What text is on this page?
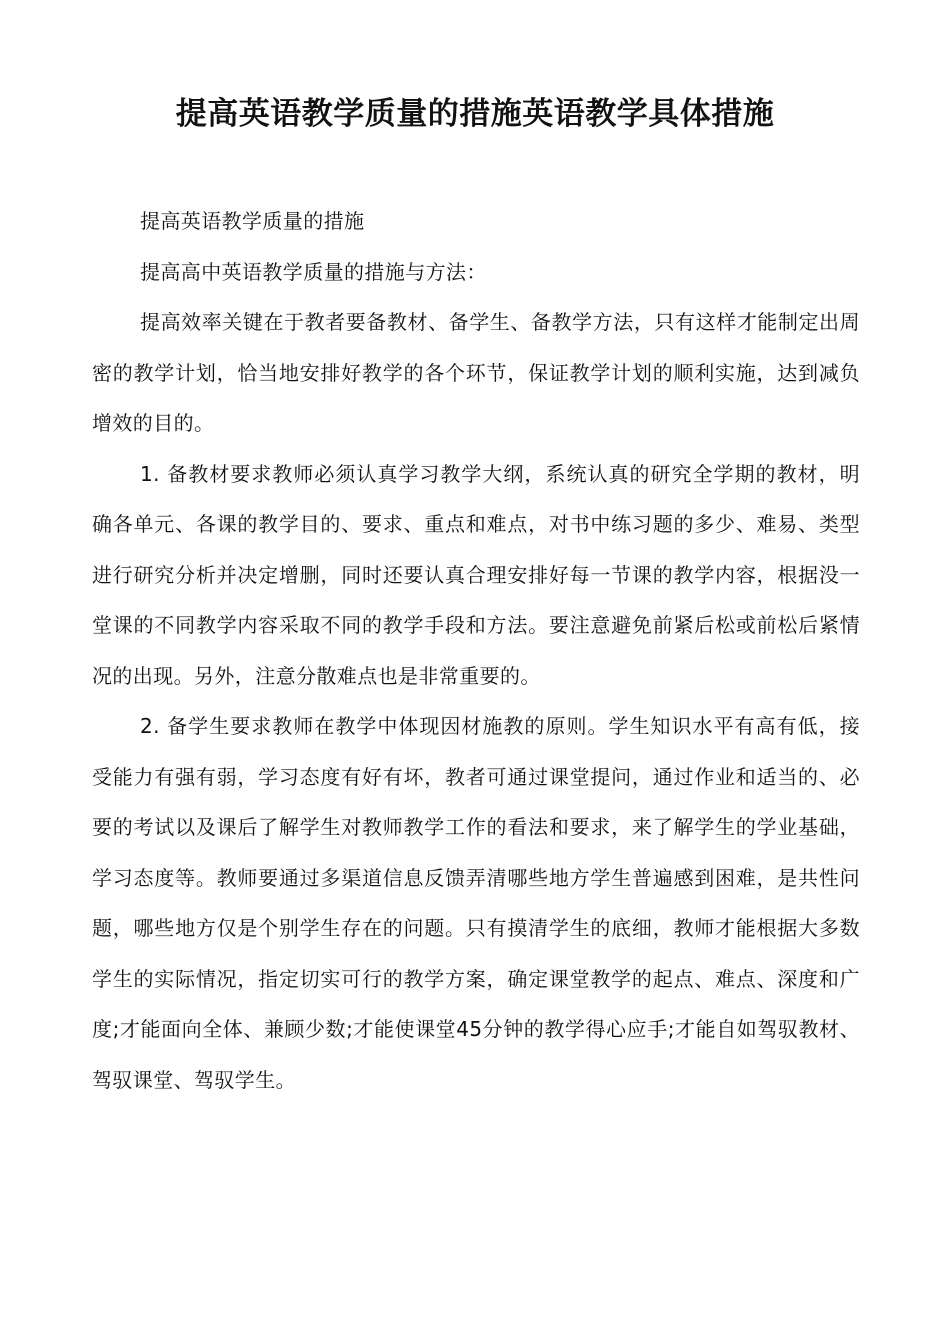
提高英语教学质量的措施英语教学具体措施

提高英语教学质量的措施

提高高中英语教学质量的措施与方法：

提高效率关键在于教者要备教材、备学生、备教学方法，只有这样才能制定出周密的教学计划，恰当地安排好教学的各个环节，保证教学计划的顺利实施，达到减负增效的目的。

1. 备教材要求教师必须认真学习教学大纲，系统认真的研究全学期的教材，明确各单元、各课的教学目的、要求、重点和难点，对书中练习题的多少、难易、类型进行研究分析并决定增删，同时还要认真合理安排好每一节课的教学内容，根据没一堂课的不同教学内容采取不同的教学手段和方法。要注意避免前紧后松或前松后紧情况的出现。另外，注意分散难点也是非常重要的。

2. 备学生要求教师在教学中体现因材施教的原则。学生知识水平有高有低，接受能力有强有弱，学习态度有好有坏，教者可通过课堂提问，通过作业和适当的、必要的考试以及课后了解学生对教师教学工作的看法和要求，来了解学生的学业基础，学习态度等。教师要通过多渠道信息反馈弄清哪些地方学生普遍感到困难，是共性问题，哪些地方仅是个别学生存在的问题。只有摸清学生的底细，教师才能根据大多数学生的实际情况，指定切实可行的教学方案，确定课堂教学的起点、难点、深度和广度;才能面向全体、兼顾少数;才能使课堂45分钟的教学得心应手;才能自如驾驭教材、驾驭课堂、驾驭学生。
